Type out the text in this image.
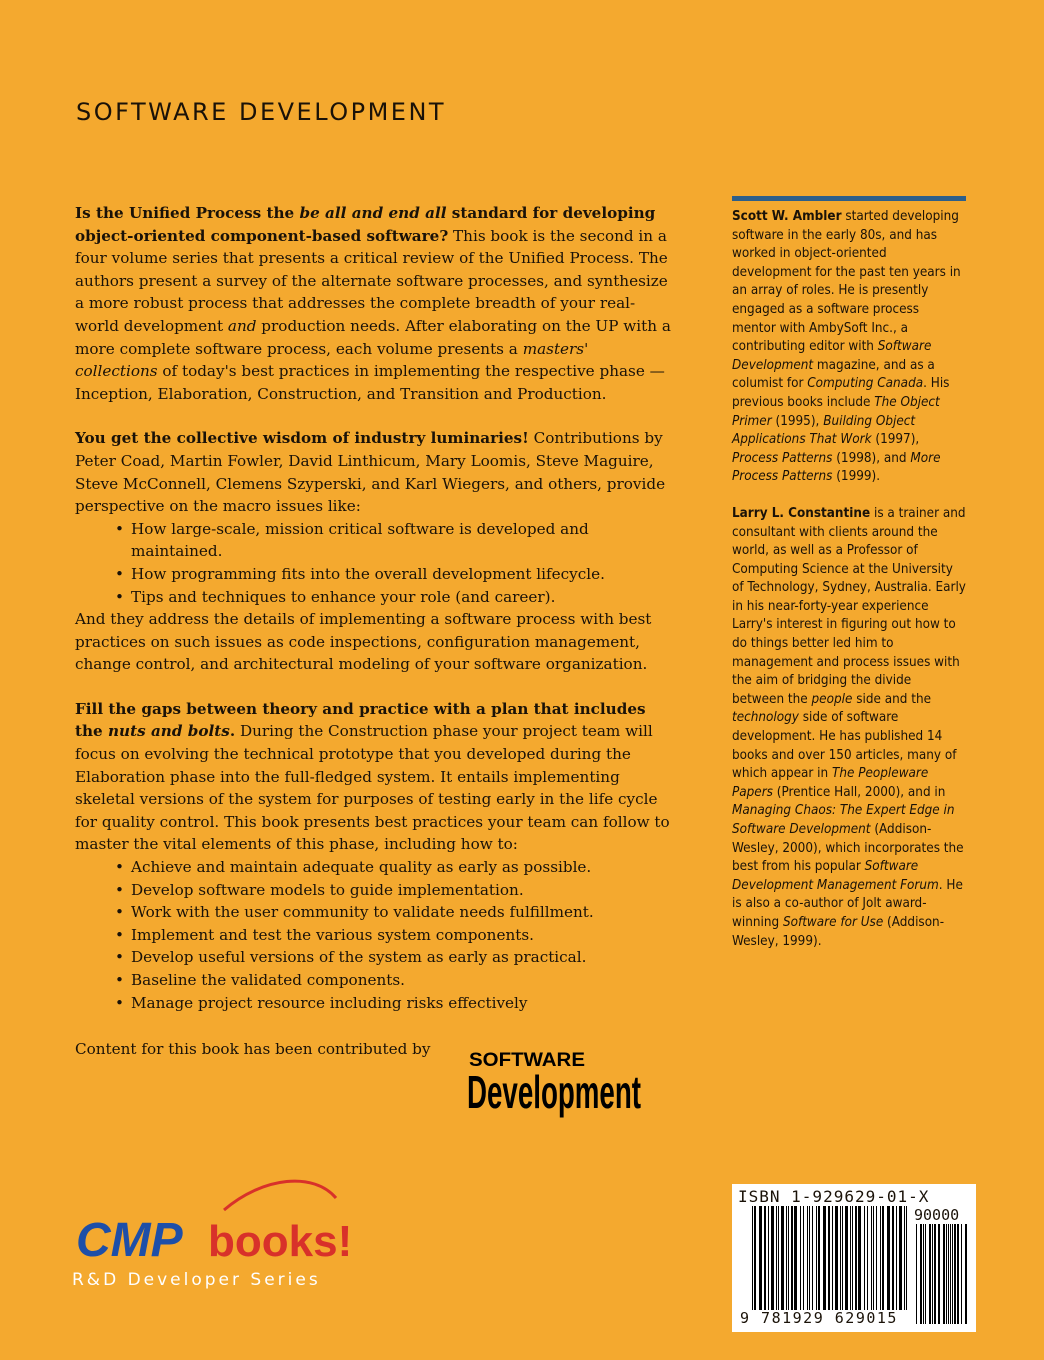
SOFTWARE DEVELOPMENT

Is the Unified Process the be all and end all standard for developing object-oriented component-based software? This book is the second in a four volume series that presents a critical review of the Unified Process. The authors present a survey of the alternate software processes, and synthesize a more robust process that addresses the complete breadth of your real-world development and production needs. After elaborating on the UP with a more complete software process, each volume presents a masters' collections of today's best practices in implementing the respective phase — Inception, Elaboration, Construction, and Transition and Production.

You get the collective wisdom of industry luminaries! Contributions by Peter Coad, Martin Fowler, David Linthicum, Mary Loomis, Steve Maguire, Steve McConnell, Clemens Szyperski, and Karl Wiegers, and others, provide perspective on the macro issues like:

• How large-scale, mission critical software is developed and maintained.
• How programming fits into the overall development lifecycle.
• Tips and techniques to enhance your role (and career).

And they address the details of implementing a software process with best practices on such issues as code inspections, configuration management, change control, and architectural modeling of your software organization.

Fill the gaps between theory and practice with a plan that includes the nuts and bolts. During the Construction phase your project team will focus on evolving the technical prototype that you developed during the Elaboration phase into the full-fledged system. It entails implementing skeletal versions of the system for purposes of testing early in the life cycle for quality control. This book presents best practices your team can follow to master the vital elements of this phase, including how to:

• Achieve and maintain adequate quality as early as possible.
• Develop software models to guide implementation.
• Work with the user community to validate needs fulfillment.
• Implement and test the various system components.
• Develop useful versions of the system as early as practical.
• Baseline the validated components.
• Manage project resource including risks effectively
Content for this book has been contributed by
SOFTWARE
Development

Scott W. Ambler started developing software in the early 80s, and has worked in object-oriented development for the past ten years in an array of roles. He is presently engaged as a software process mentor with AmbySoft Inc., a contributing editor with Software Development magazine, and as a columist for Computing Canada. His previous books include The Object Primer (1995), Building Object Applications That Work (1997), Process Patterns (1998), and More Process Patterns (1999).

Larry L. Constantine is a trainer and consultant with clients around the world, as well as a Professor of Computing Science at the University of Technology, Sydney, Australia. Early in his near-forty-year experience Larry's interest in figuring out how to do things better led him to management and process issues with the aim of bridging the divide between the people side and the technology side of software development. He has published 14 books and over 150 articles, many of which appear in The Peopleware Papers (Prentice Hall, 2000), and in Managing Chaos: The Expert Edge in Software Development (Addison-Wesley, 2000), which incorporates the best from his popular Software Development Management Forum. He is also a co-author of Jolt award-winning Software for Use (Addison-Wesley, 1999).

CMP books!
R&D Developer Series
ISBN 1-929629-01-X
90000
9 781929 629015
